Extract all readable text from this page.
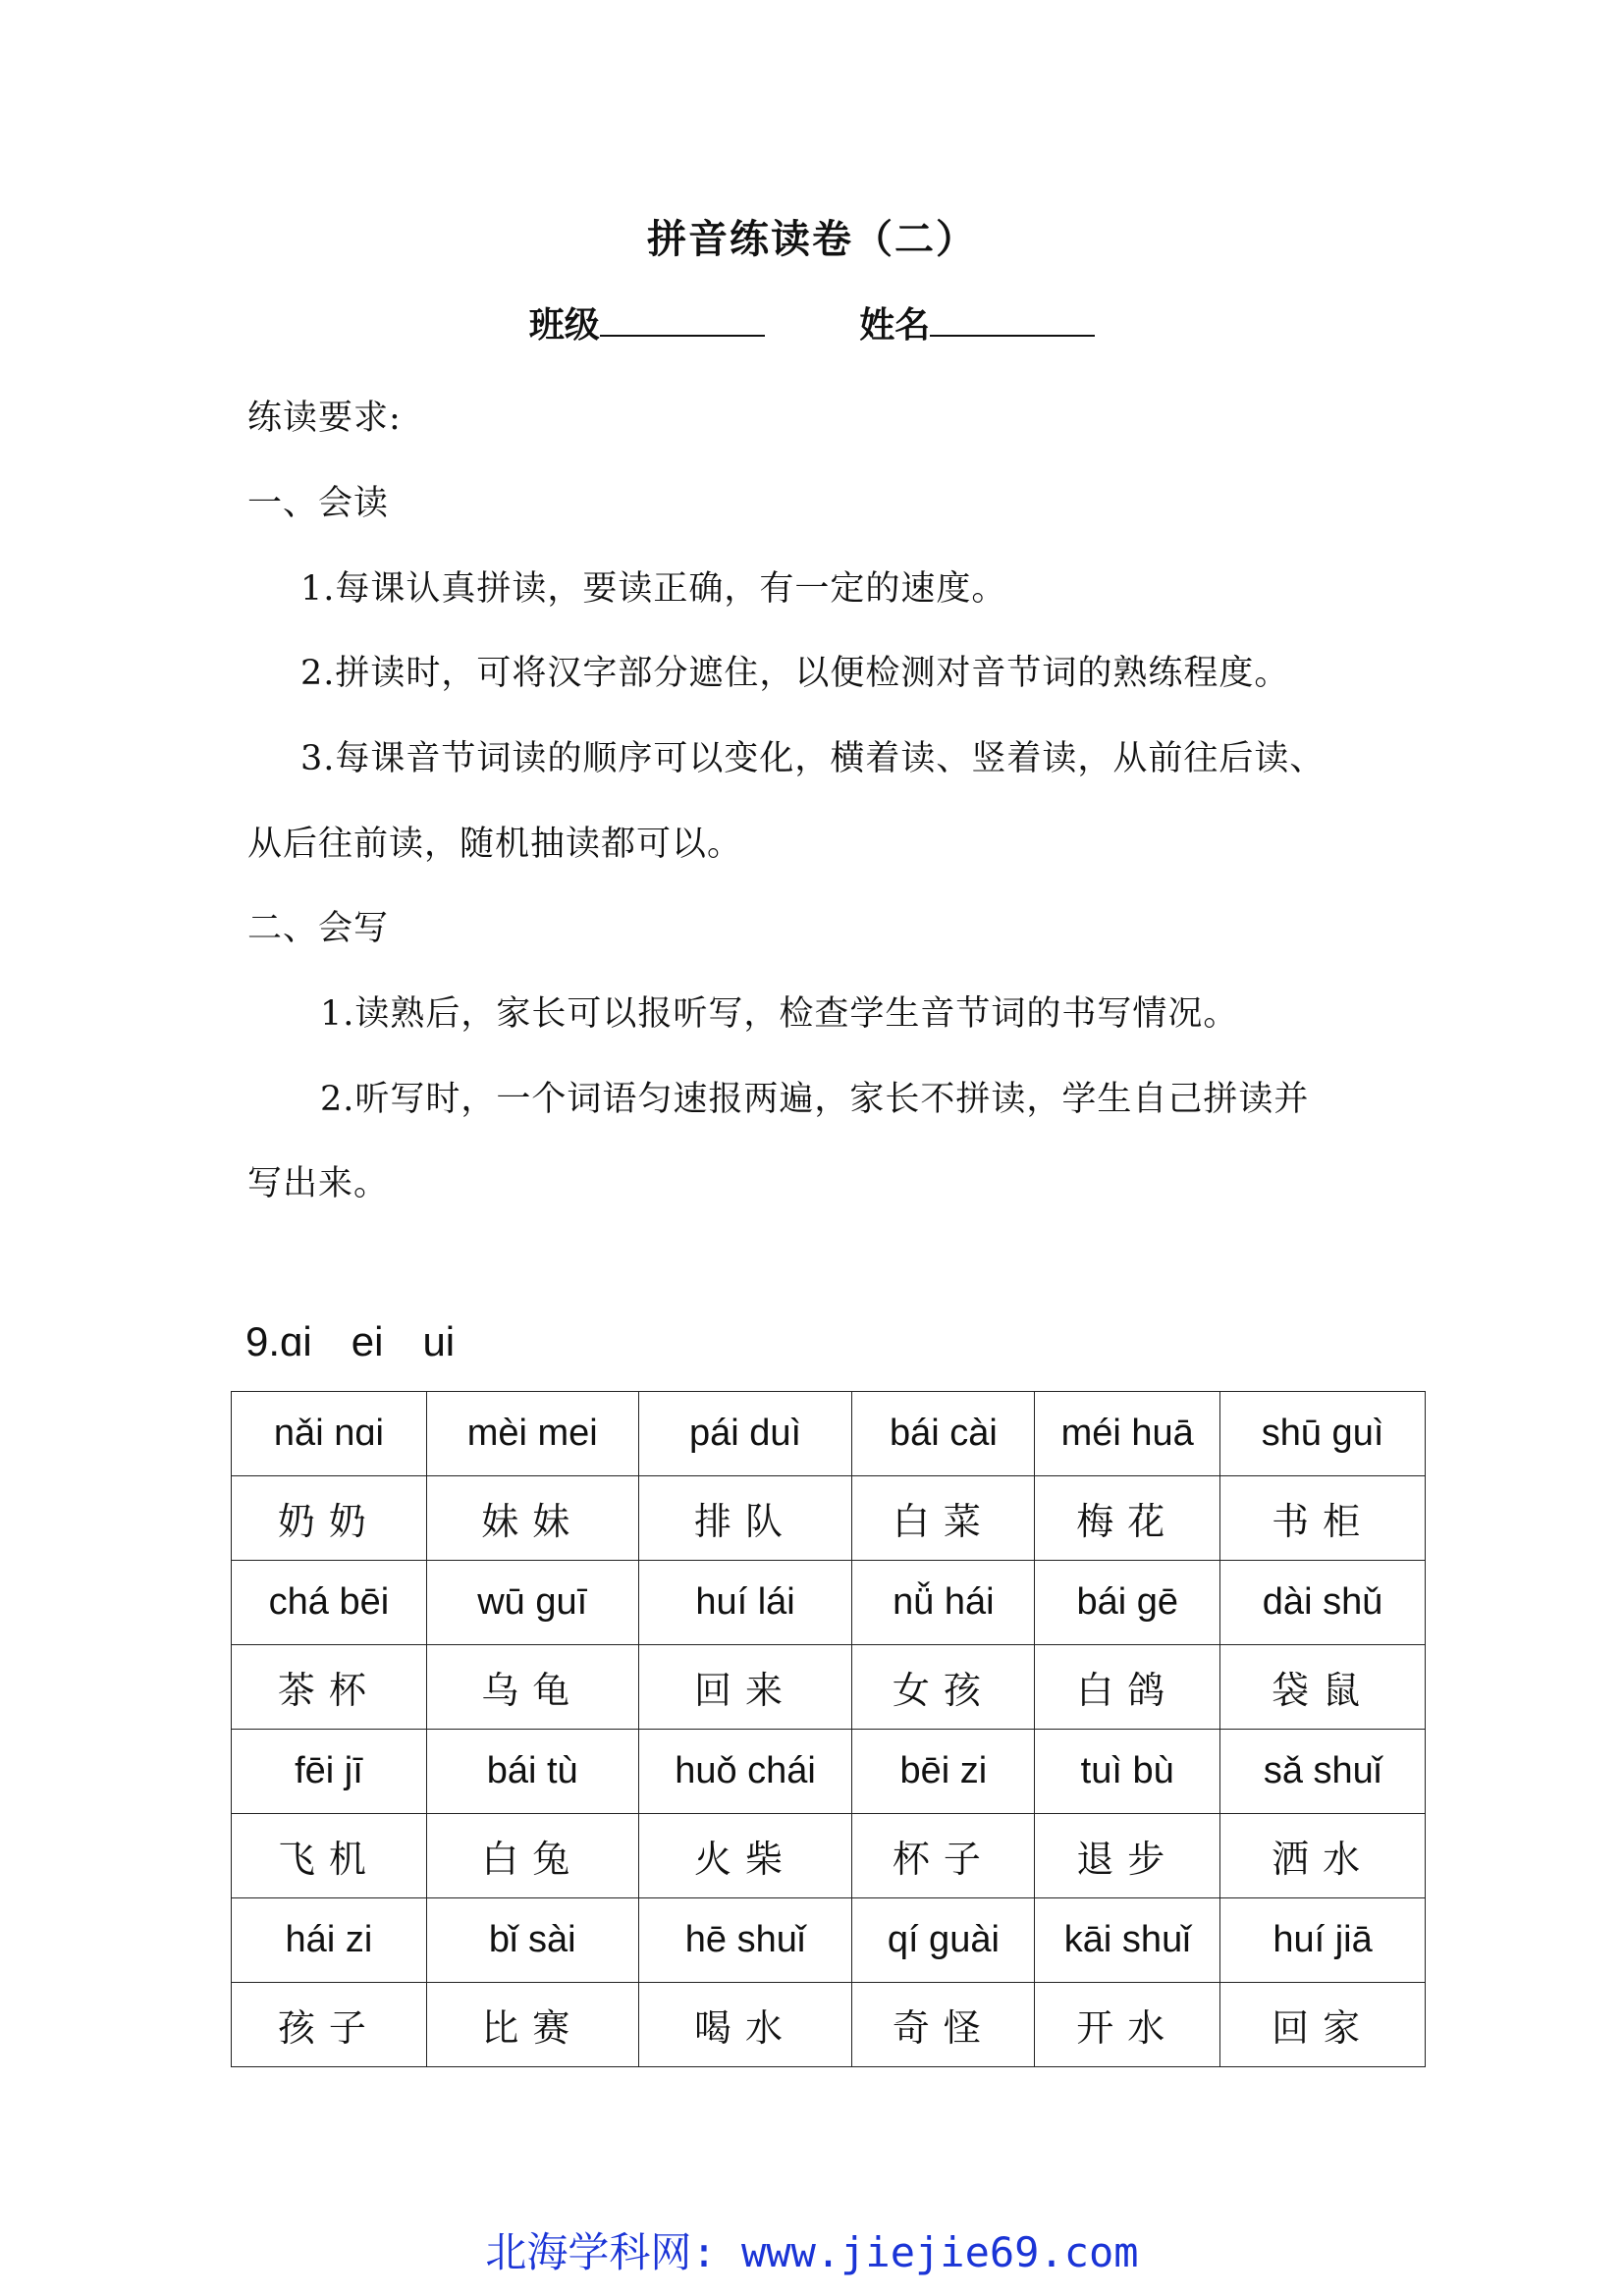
拼音练读卷（二）
班级	姓名
练读要求:
一、会读
1.每课认真拼读，要读正确，有一定的速度。
2.拼读时，可将汉字部分遮住，以便检测对音节词的熟练程度。
3.每课音节词读的顺序可以变化，横着读、竖着读，从前往后读、
从后往前读，随机抽读都可以。
二、会写
1.读熟后，家长可以报听写，检查学生音节词的书写情况。
2.听写时，一个词语匀速报两遍，家长不拼读，学生自己拼读并
写出来。
9.ɑi ei ui
nǎi nɑi	mèi mei	pái duì	bái cài	méi huā	shū guì
奶奶	妹妹	排队	白菜	梅花	书柜
chá bēi	wū guī	huí lái	nǚ hái	bái gē	dài shǔ
茶杯	乌龟	回来	女孩	白鸽	袋鼠
fēi jī	bái tù	huǒ chái	bēi zi	tuì bù	sǎ shuǐ
飞机	白兔	火柴	杯子	退步	洒水
hái zi	bǐ sài	hē shuǐ	qí guài	kāi shuǐ	huí jiā
孩子	比赛	喝水	奇怪	开水	回家
北海学科网: www.jiejie69.com
